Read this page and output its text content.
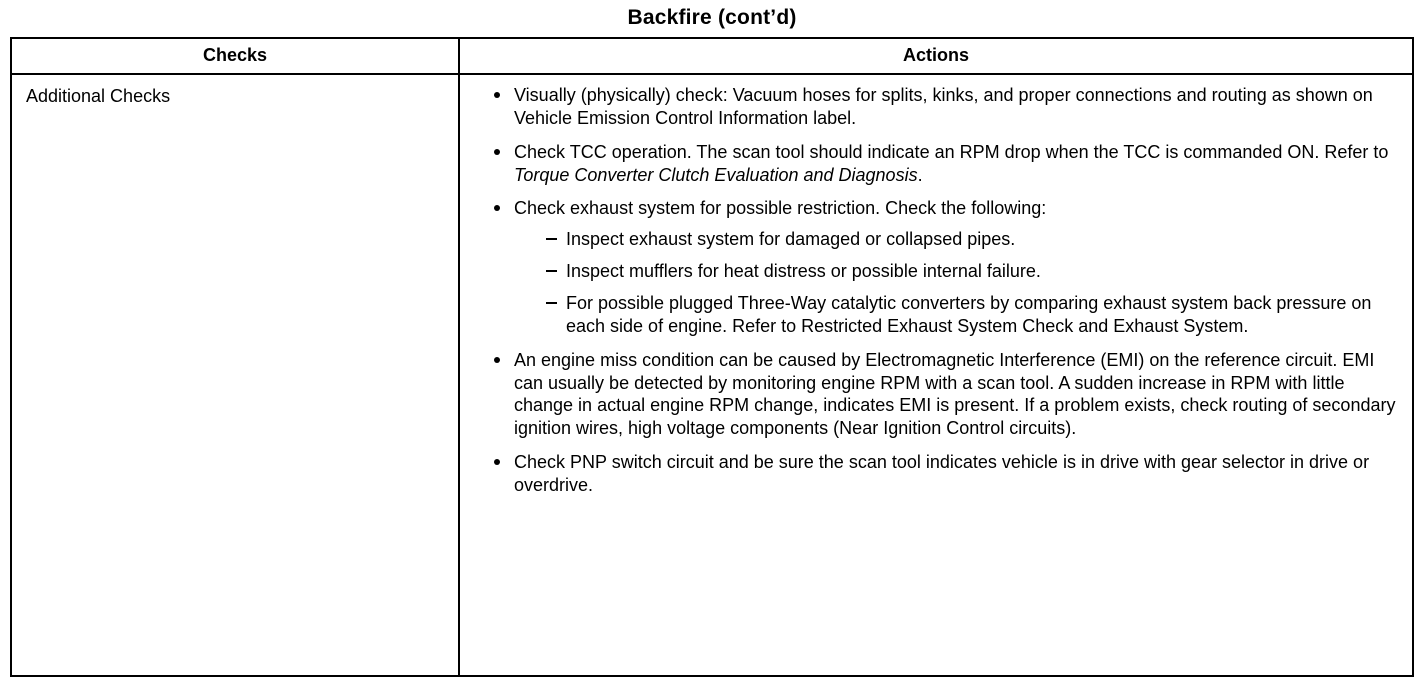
Backfire (cont’d)
Checks	Actions
Additional Checks	Visually (physically) check: Vacuum hoses for splits, kinks, and proper connections and routing as shown on Vehicle Emission Control Information label.
Check TCC operation. The scan tool should indicate an RPM drop when the TCC is commanded ON. Refer to Torque Converter Clutch Evaluation and Diagnosis.
Check exhaust system for possible restriction. Check the following:
Inspect exhaust system for damaged or collapsed pipes.
Inspect mufflers for heat distress or possible internal failure.
For possible plugged Three-Way catalytic converters by comparing exhaust system back pressure on each side of engine. Refer to Restricted Exhaust System Check and Exhaust System.
An engine miss condition can be caused by Electromagnetic Interference (EMI) on the reference circuit. EMI can usually be detected by monitoring engine RPM with a scan tool. A sudden increase in RPM with little change in actual engine RPM change, indicates EMI is present. If a problem exists, check routing of secondary ignition wires, high voltage components (Near Ignition Control circuits).
Check PNP switch circuit and be sure the scan tool indicates vehicle is in drive with gear selector in drive or overdrive.
